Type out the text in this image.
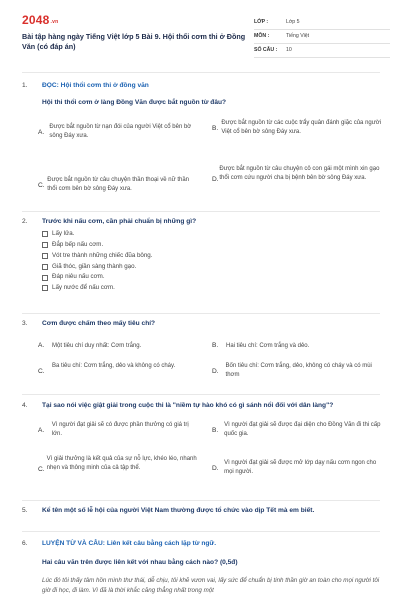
2048.vn
Bài tập hàng ngày Tiếng Việt lớp 5 Bài 9. Hội thổi cơm thi ở Đồng Văn (có đáp án)
LỚP :	Lớp 5
MÔN :	Tiếng Việt
SỐ CÂU :	10
1. ĐỌC: Hội thổi cơm thi ở đồng văn
Hội thi thổi cơm ở làng Đồng Văn được bắt nguồn từ đâu?
A.
Được bắt nguồn từ nạn đói của người Việt cổ bên bờ sông Đáy xưa.
B.
Được bắt nguồn từ các cuộc trẩy quân đánh giặc của người Việt cổ bên bờ sông Đáy xưa.
C.
Được bắt nguồn từ câu chuyện thần thoại về nữ thần thổi cơm bên bờ sông Đáy xưa.
D.
Được bắt nguồn từ câu chuyện cô con gái một mình xin gạo thổi cơm cứu người cha bị bệnh bên bờ sông Đáy xưa.
2. Trước khi nấu cơm, cần phải chuẩn bị những gì?
Lấy lửa.
Đắp bếp nấu cơm.
Vót tre thành những chiếc đũa bông.
Giã thóc, giần sàng thành gạo.
Đáp niêu nấu cơm.
Lấy nước để nấu cơm.
3. Cơm được chấm theo mấy tiêu chí?
A.	Một tiêu chí duy nhất: Cơm trắng.	B.	Hai tiêu chí: Cơm trắng và dẻo.
C.
Ba tiêu chí: Cơm trắng, dẻo và không có cháy.
D.
Bốn tiêu chí: Cơm trắng, dẻo, không có cháy và có mùi thơm
4. Tại sao nói việc giật giải trong cuộc thi là "niềm tự hào khó có gì sánh nổi đối với dân làng"?
A.
Vì người đạt giải sẽ có được phần thưởng có giá trị lớn.	B.
Vì người đạt giải sẽ được đại diện cho Đồng Văn đi thi cấp quốc gia.
C.
Vì giải thưởng là kết quả của sự nỗ lực, khéo léo, nhanh nhẹn và thông minh của cả tập thể.	D.
Vì người đạt giải sẽ được mở lớp dạy nấu cơm ngon cho mọi người.
5. Kể tên một số lễ hội của người Việt Nam thường được tổ chức vào dịp Tết mà em biết.
6. LUYỆN TỪ VÀ CÂU: Liên kết câu bằng cách lặp từ ngữ.
Hai câu văn trên được liên kết với nhau bằng cách nào? (0,5đ)
Lúc đó tôi thấy tâm hồn mình thư thái, dễ chịu, tôi khẽ vươn vai, lấy sức để chuẩn bị tinh thần giờ an toàn cho mọi người tôi giờ đi học, đi làm. Vì đã là thời khắc căng thẳng nhất trong một
